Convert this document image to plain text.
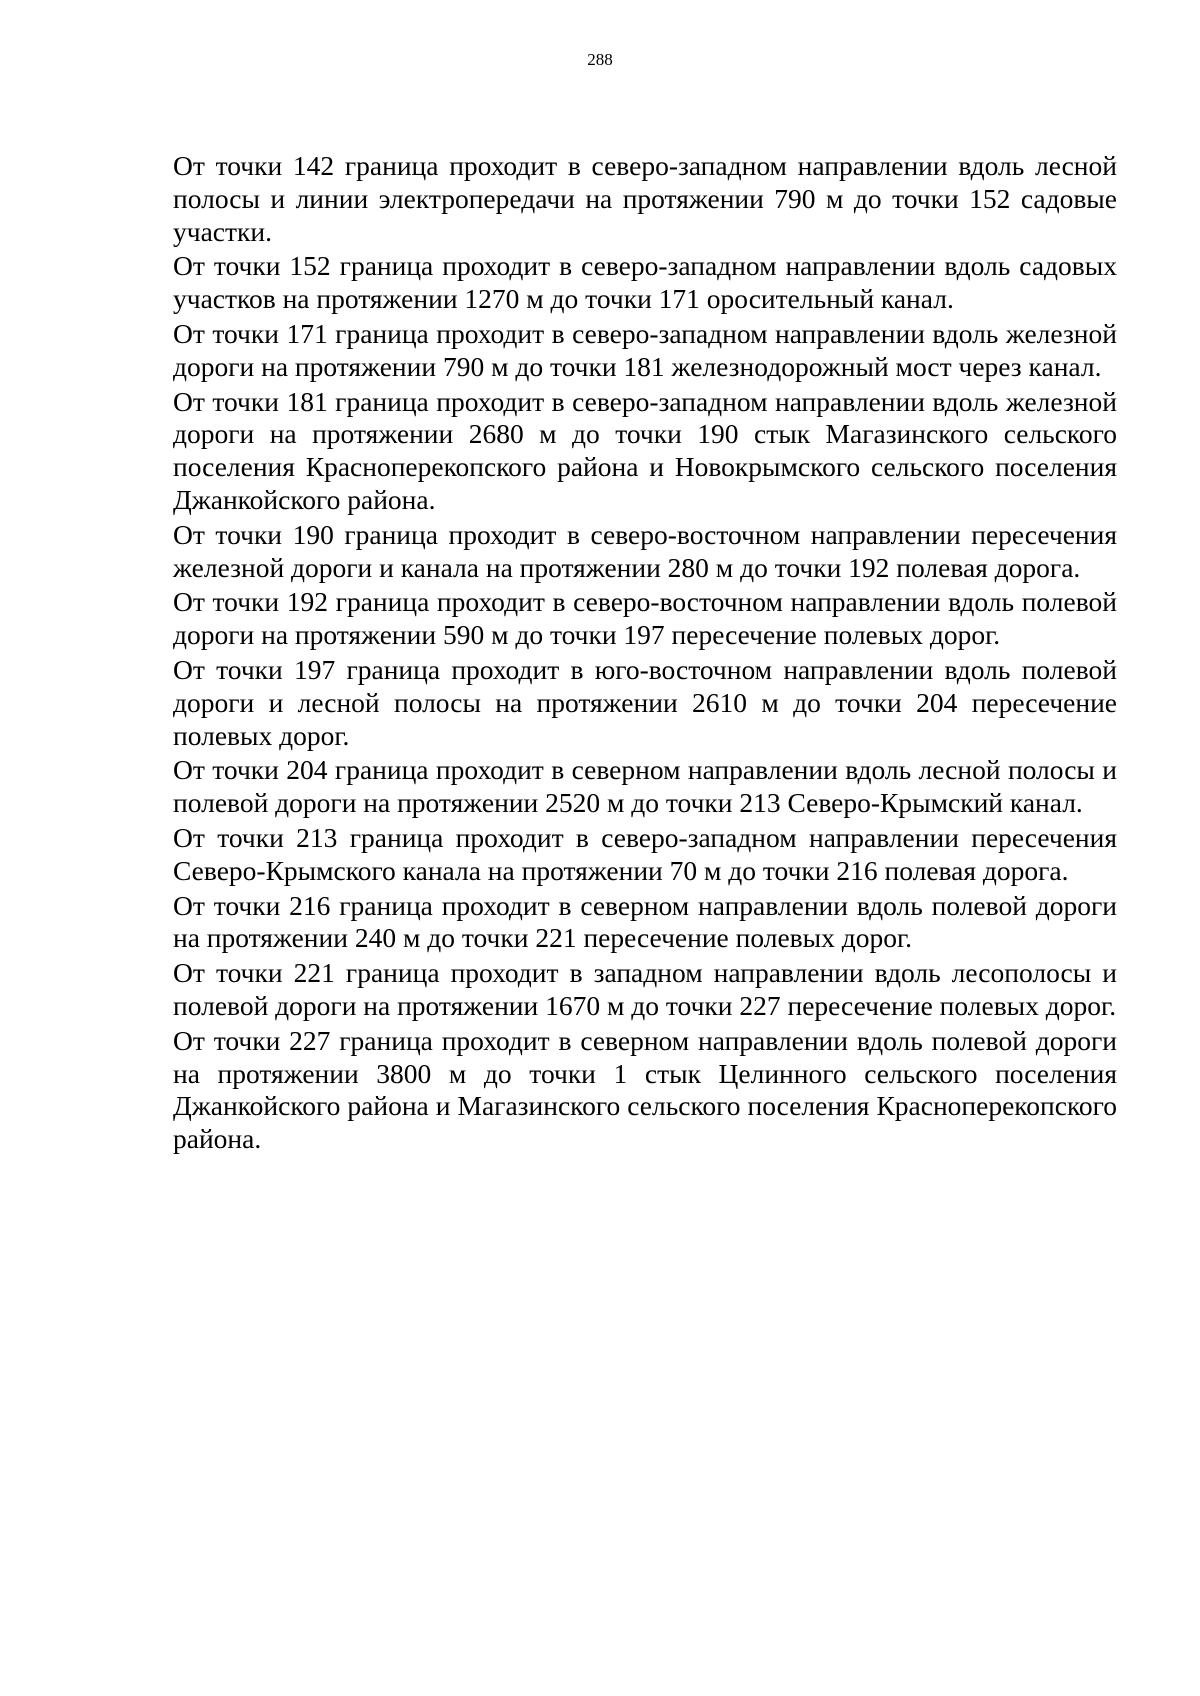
288

От точки 142 граница проходит в северо-западном направлении вдоль лесной полосы и линии электропередачи на протяжении 790 м до точки 152 садовые участки.

От точки 152 граница проходит в северо-западном направлении вдоль садовых участков на протяжении 1270 м до точки 171 оросительный канал.

От точки 171 граница проходит в северо-западном направлении вдоль железной дороги на протяжении 790 м до точки 181 железнодорожный мост через канал.

От точки 181 граница проходит в северо-западном направлении вдоль железной дороги на протяжении 2680 м до точки 190 стык Магазинского сельского поселения Красноперекопского района и Новокрымского сельского поселения Джанкойского района.

От точки 190 граница проходит в северо-восточном направлении пересечения железной дороги и канала на протяжении 280 м до точки 192 полевая дорога.

От точки 192 граница проходит в северо-восточном направлении вдоль полевой дороги на протяжении 590 м до точки 197 пересечение полевых дорог.

От точки 197 граница проходит в юго-восточном направлении вдоль полевой дороги и лесной полосы на протяжении 2610 м до точки 204 пересечение полевых дорог.

От точки 204 граница проходит в северном направлении вдоль лесной полосы и полевой дороги на протяжении 2520 м до точки 213 Северо-Крымский канал.

От точки 213 граница проходит в северо-западном направлении пересечения Северо-Крымского канала на протяжении 70 м до точки 216 полевая дорога.

От точки 216 граница проходит в северном направлении вдоль полевой дороги на протяжении 240 м до точки 221 пересечение полевых дорог.

От точки 221 граница проходит в западном направлении вдоль лесополосы и полевой дороги на протяжении 1670 м до точки 227 пересечение полевых дорог.

От точки 227 граница проходит в северном направлении вдоль полевой дороги на протяжении 3800 м до точки 1 стык Целинного сельского поселения Джанкойского района и Магазинского сельского поселения Красноперекопского района.
